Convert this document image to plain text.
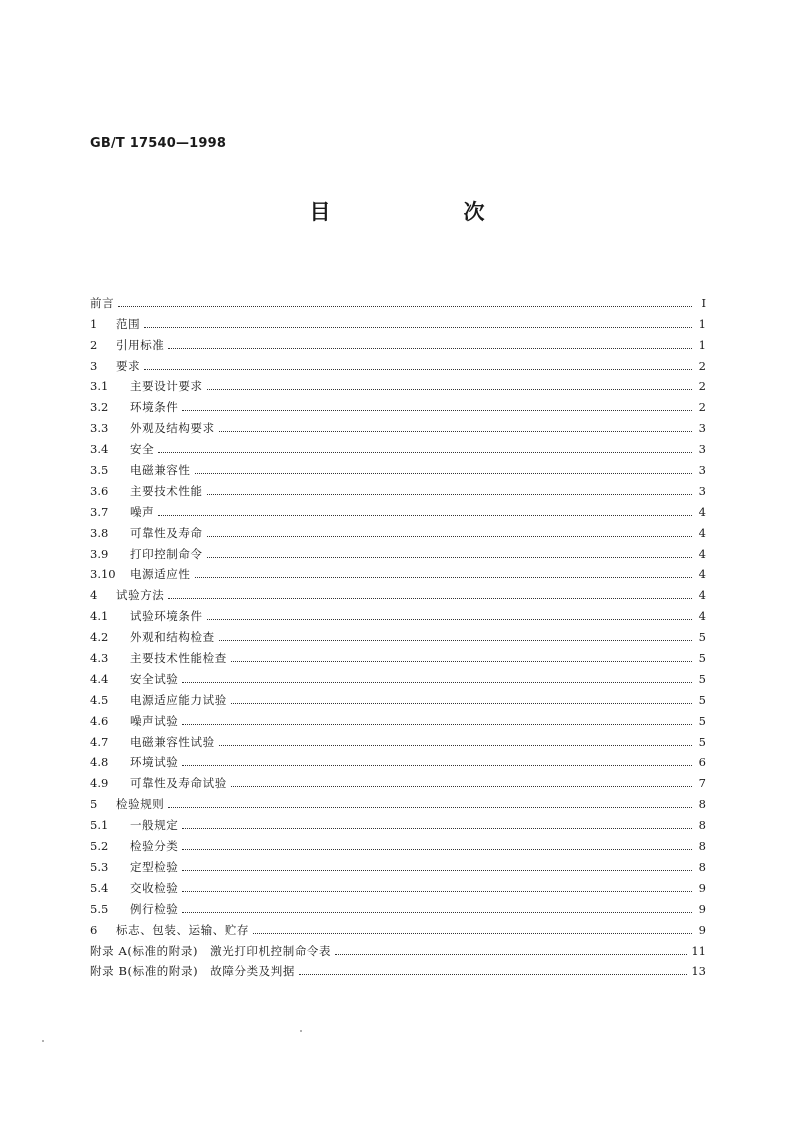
GB/T 17540—1998
目　次
前言	I
1	范围	1
2	引用标准	1
3	要求	2
3.1	主要设计要求	2
3.2	环境条件	2
3.3	外观及结构要求	3
3.4	安全	3
3.5	电磁兼容性	3
3.6	主要技术性能	3
3.7	噪声	4
3.8	可靠性及寿命	4
3.9	打印控制命令	4
3.10	电源适应性	4
4	试验方法	4
4.1	试验环境条件	4
4.2	外观和结构检查	5
4.3	主要技术性能检查	5
4.4	安全试验	5
4.5	电源适应能力试验	5
4.6	噪声试验	5
4.7	电磁兼容性试验	5
4.8	环境试验	6
4.9	可靠性及寿命试验	7
5	检验规则	8
5.1	一般规定	8
5.2	检验分类	8
5.3	定型检验	8
5.4	交收检验	9
5.5	例行检验	9
6	标志、包装、运输、贮存	9
附录 A(标准的附录)　激光打印机控制命令表	11
附录 B(标准的附录)　故障分类及判据	13
